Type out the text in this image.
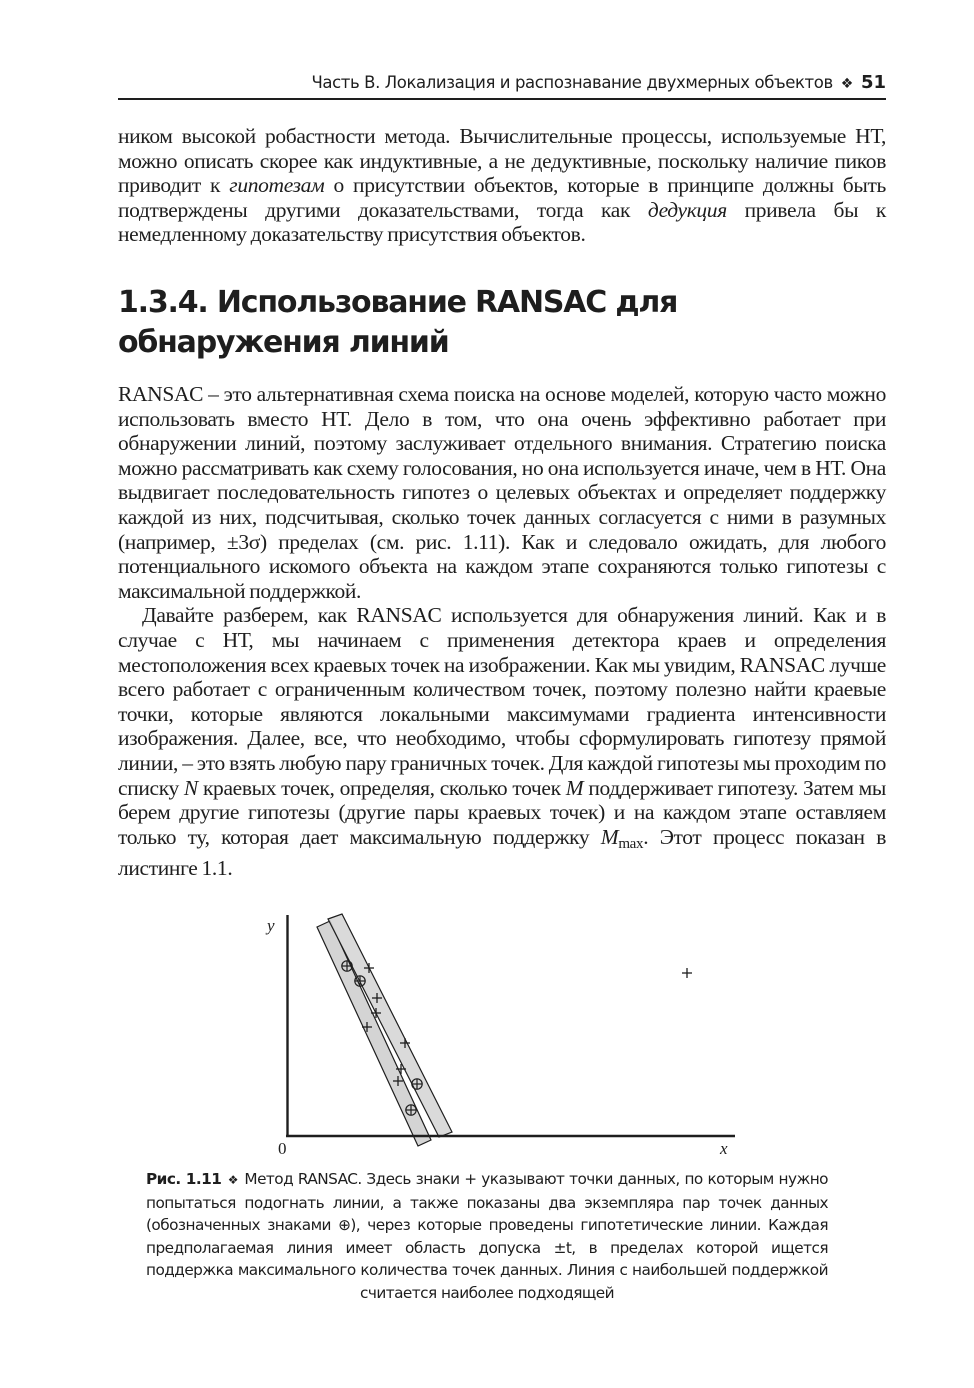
Часть В. Локализация и распознавание двухмерных объектов ❖ 51

ником высокой робастности метода. Вычислительные процессы, используемые НТ, можно описать скорее как индуктивные, а не дедуктивные, поскольку наличие пиков приводит к гипотезам о присутствии объектов, которые в принципе должны быть подтверждены другими доказательствами, тогда как дедукция привела бы к немедленному доказательству присутствия объектов.

1.3.4. Использование RANSAC для обнаружения линий

RANSAC – это альтернативная схема поиска на основе моделей, которую часто можно использовать вместо НТ. Дело в том, что она очень эффективно работает при обнаружении линий, поэтому заслуживает отдельного внимания. Стратегию поиска можно рассматривать как схему голосования, но она используется иначе, чем в НТ. Она выдвигает последовательность гипотез о целевых объектах и определяет поддержку каждой из них, подсчитывая, сколько точек данных согласуется с ними в разумных (например, ±3σ) пределах (см. рис. 1.11). Как и следовало ожидать, для любого потенциального искомого объекта на каждом этапе сохраняются только гипотезы с максимальной поддержкой.

Давайте разберем, как RANSAC используется для обнаружения линий. Как и в случае с НТ, мы начинаем с применения детектора краев и определения местоположения всех краевых точек на изображении. Как мы увидим, RANSAC лучше всего работает с ограниченным количеством точек, поэтому полезно найти краевые точки, которые являются локальными максимумами градиента интенсивности изображения. Далее, все, что необходимо, чтобы сформулировать гипотезу прямой линии, – это взять любую пару граничных точек. Для каждой гипотезы мы проходим по списку N краевых точек, определяя, сколько точек M поддерживает гипотезу. Затем мы берем другие гипотезы (другие пары краевых точек) и на каждом этапе оставляем только ту, которая дает максимальную поддержку $M_{max}$. Этот процесс показан в листинге 1.1.

y
x
0
Рис. 1.11 ❖ Метод RANSAC. Здесь знаки + указывают точки данных, по которым нужно попытаться подогнать линии, а также показаны два экземпляра пар точек данных (обозначенных знаками ⊕), через которые проведены гипотетические линии. Каждая предполагаемая линия имеет область допуска ±t, в пределах которой ищется поддержка максимального количества точек данных. Линия с наибольшей поддержкой считается наиболее подходящей
